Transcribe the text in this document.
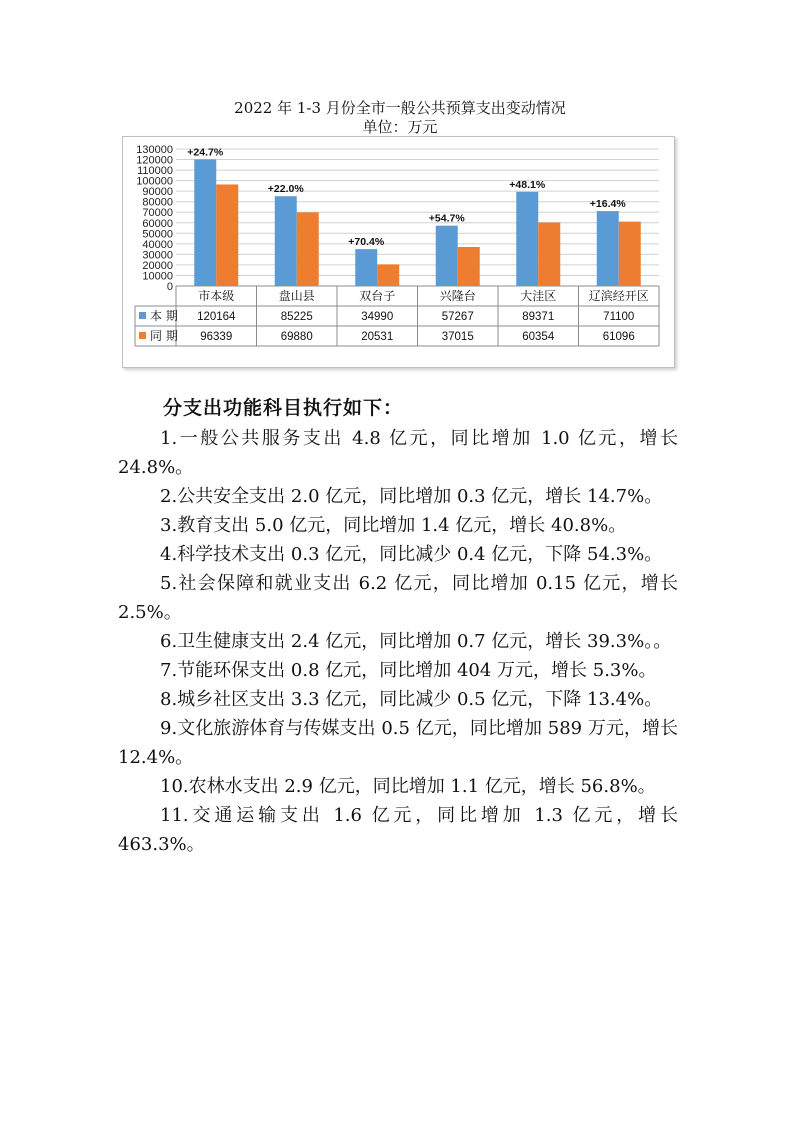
2022 年 1-3 月份全市一般公共预算支出变动情况
单位：万元
0
10000
20000
30000
40000
50000
60000
70000
80000
90000
100000
110000
120000
130000 +24.7%
+22.0%
+70.4%
+54.7%
+48.1%
+16.4%
市本级	盘山县	双台子	兴隆台	大洼区	辽滨经开区
本 期 120164	85225	34990	57267	89371	71100
同 期 96339	69880	20531	37015	60354	61096
分支出功能科目执行如下：

1.一般公共服务支出 4.8 亿元，同比增加 1.0 亿元，增长 24.8%。

2.公共安全支出 2.0 亿元，同比增加 0.3 亿元，增长 14.7%。

3.教育支出 5.0 亿元，同比增加 1.4 亿元，增长 40.8%。

4.科学技术支出 0.3 亿元，同比减少 0.4 亿元，下降 54.3%。

5.社会保障和就业支出 6.2 亿元，同比增加 0.15 亿元，增长 2.5%。

6.卫生健康支出 2.4 亿元，同比增加 0.7 亿元，增长 39.3%。。

7.节能环保支出 0.8 亿元，同比增加 404 万元，增长 5.3%。

8.城乡社区支出 3.3 亿元，同比减少 0.5 亿元，下降 13.4%。

9.文化旅游体育与传媒支出 0.5 亿元，同比增加 589 万元，增长 12.4%。

10.农林水支出 2.9 亿元，同比增加 1.1 亿元，增长 56.8%。

11.交通运输支出 1.6 亿元，同比增加 1.3 亿元，增长 463.3%。
